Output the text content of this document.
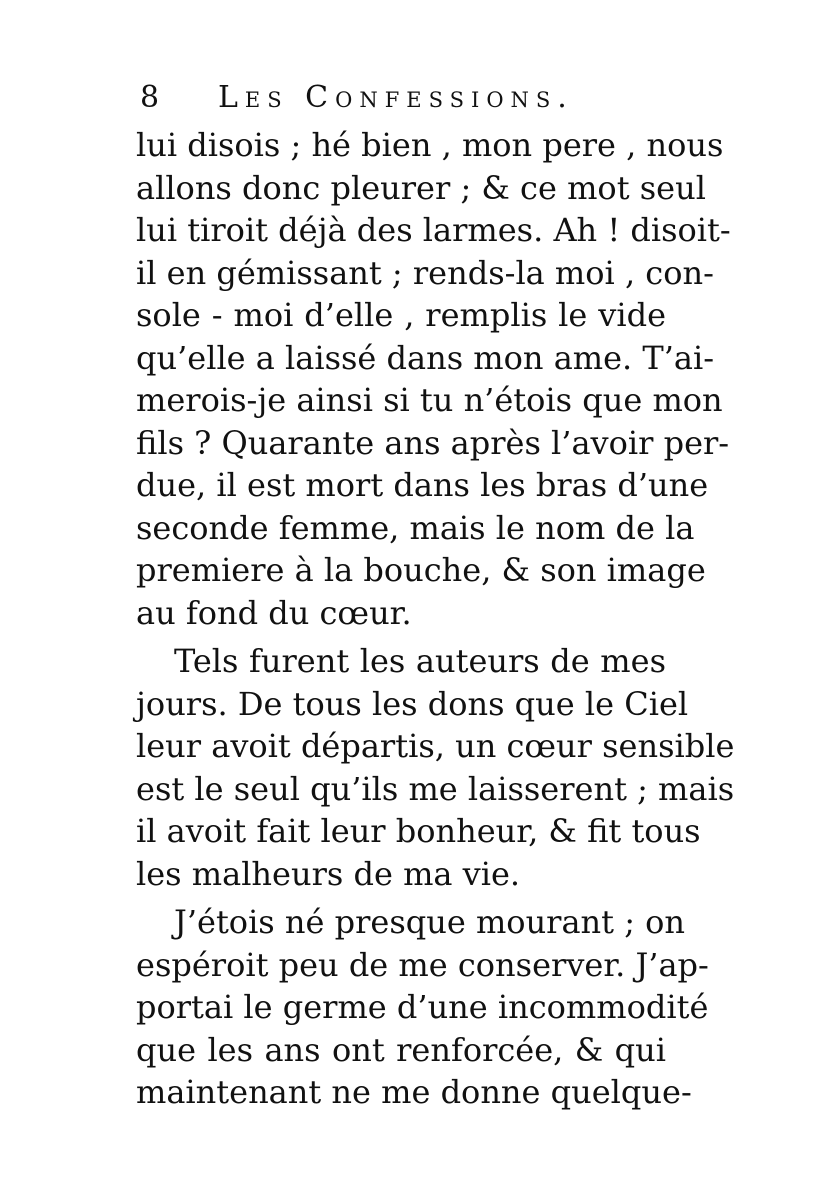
8 Les Confessions.
lui disois ; hé bien , mon pere , nous
allons donc pleurer ; & ce mot seul
lui tiroit déjà des larmes. Ah ! disoit-
il en gémissant ; rends-la moi , con-
sole - moi d’elle , remplis le vide
qu’elle a laissé dans mon ame. T’ai-
merois-je ainsi si tu n’étois que mon
fils ? Quarante ans après l’avoir per-
due, il est mort dans les bras d’une
seconde femme, mais le nom de la
premiere à la bouche, & son image
au fond du cœur.
Tels furent les auteurs de mes
jours. De tous les dons que le Ciel
leur avoit départis, un cœur sensible
est le seul qu’ils me laisserent ; mais
il avoit fait leur bonheur, & fit tous
les malheurs de ma vie.
J’étois né presque mourant ; on
espéroit peu de me conserver. J’ap-
portai le germe d’une incommodité
que les ans ont renforcée, & qui
maintenant ne me donne quelque-
